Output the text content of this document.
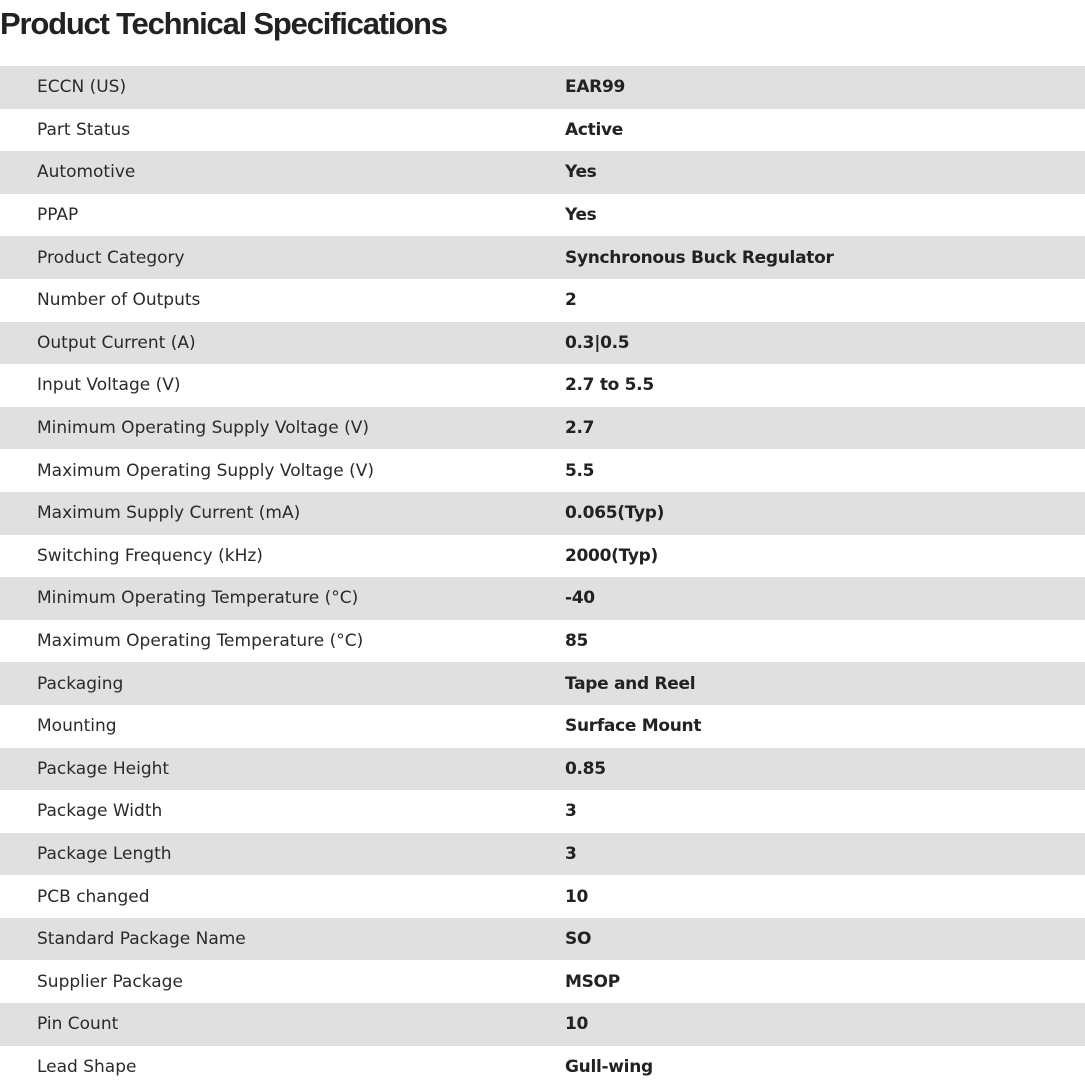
Product Technical Specifications
ECCN (US)	EAR99
Part Status	Active
Automotive	Yes
PPAP	Yes
Product Category	Synchronous Buck Regulator
Number of Outputs	2
Output Current (A)	0.3|0.5
Input Voltage (V)	2.7 to 5.5
Minimum Operating Supply Voltage (V)	2.7
Maximum Operating Supply Voltage (V)	5.5
Maximum Supply Current (mA)	0.065(Typ)
Switching Frequency (kHz)	2000(Typ)
Minimum Operating Temperature (°C)	-40
Maximum Operating Temperature (°C)	85
Packaging	Tape and Reel
Mounting	Surface Mount
Package Height	0.85
Package Width	3
Package Length	3
PCB changed	10
Standard Package Name	SO
Supplier Package	MSOP
Pin Count	10
Lead Shape	Gull-wing
